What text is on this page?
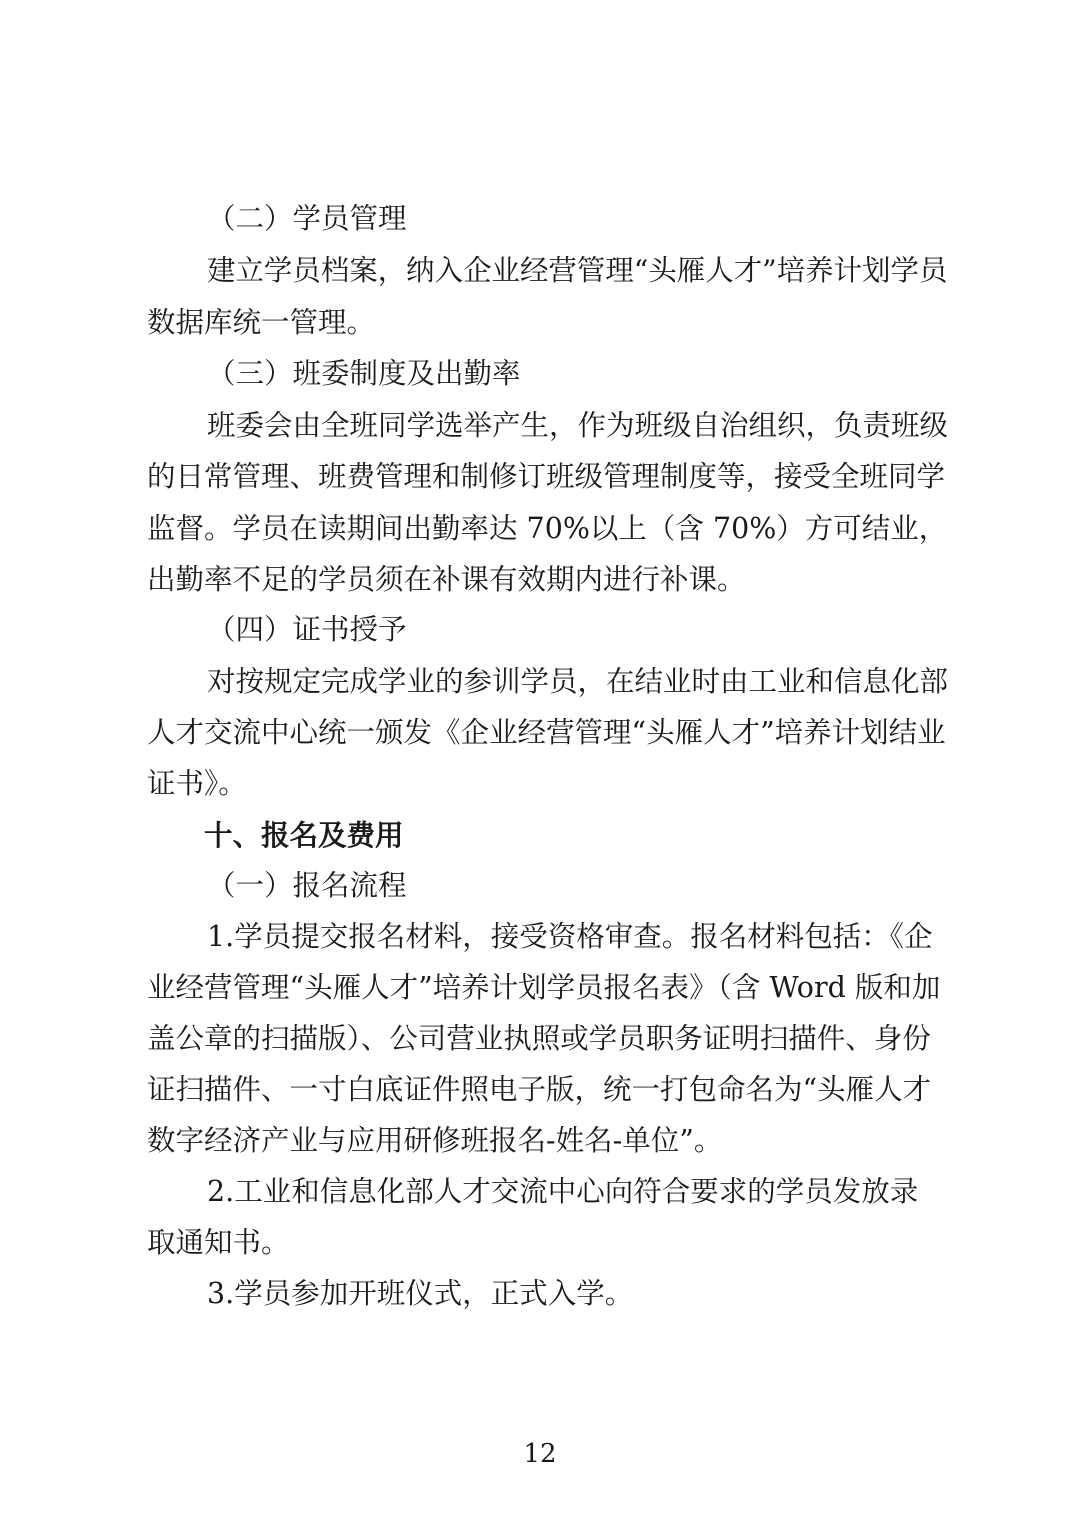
（二）学员管理
建立学员档案，纳入企业经营管理“头雁人才”培养计划学员
数据库统一管理。
（三）班委制度及出勤率
班委会由全班同学选举产生，作为班级自治组织，负责班级
的日常管理、班费管理和制修订班级管理制度等，接受全班同学
监督。学员在读期间出勤率达 70%以上（含 70%）方可结业，
出勤率不足的学员须在补课有效期内进行补课。
（四）证书授予
对按规定完成学业的参训学员，在结业时由工业和信息化部
人才交流中心统一颁发《企业经营管理“头雁人才”培养计划结业
证书》。
十、报名及费用
（一）报名流程
1.学员提交报名材料，接受资格审查。报名材料包括：《企
业经营管理“头雁人才”培养计划学员报名表》（含 Word 版和加
盖公章的扫描版）、公司营业执照或学员职务证明扫描件、身份
证扫描件、一寸白底证件照电子版，统一打包命名为“头雁人才
数字经济产业与应用研修班报名-姓名-单位”。
2.工业和信息化部人才交流中心向符合要求的学员发放录
取通知书。
3.学员参加开班仪式，正式入学。
12
